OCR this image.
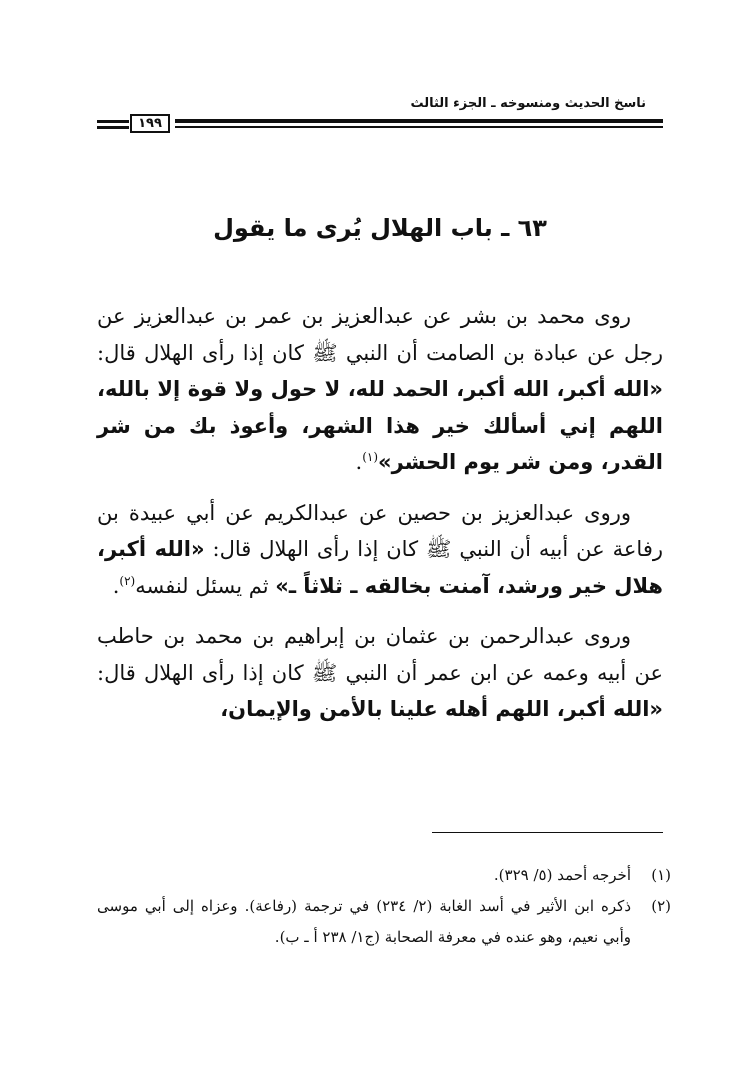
ناسخ الحديث ومنسوخه ـ الجزء الثالث
١٩٩
٦٣ ـ باب الهلال يُرى ما يقول

روى محمد بن بشر عن عبدالعزيز بن عمر بن عبدالعزيز عن رجل عن عبادة بن الصامت أن النبي ﷺ كان إذا رأى الهلال قال: «الله أكبر، الله أكبر، الحمد لله، لا حول ولا قوة إلا بالله، اللهم إني أسألك خير هذا الشهر، وأعوذ بك من شر القدر، ومن شر يوم الحشر»$^{(١)}$.

وروى عبدالعزيز بن حصين عن عبدالكريم عن أبي عبيدة بن رفاعة عن أبيه أن النبي ﷺ كان إذا رأى الهلال قال: «الله أكبر، هلال خير ورشد، آمنت بخالقه ـ ثلاثاً ـ» ثم يسئل لنفسه$^{(٢)}$.

وروى عبدالرحمن بن عثمان بن إبراهيم بن محمد بن حاطب عن أبيه وعمه عن ابن عمر أن النبي ﷺ كان إذا رأى الهلال قال: «الله أكبر، اللهم أهله علينا بالأمن والإيمان،

(١)
أخرجه أحمد (٥/ ٣٢٩).
(٢)
ذكره ابن الأثير في أسد الغابة (٢/ ٢٣٤) في ترجمة (رفاعة). وعزاه إلى أبي موسى وأبي نعيم، وهو عنده في معرفة الصحابة (ج١/ ٢٣٨ أ ـ ب).
